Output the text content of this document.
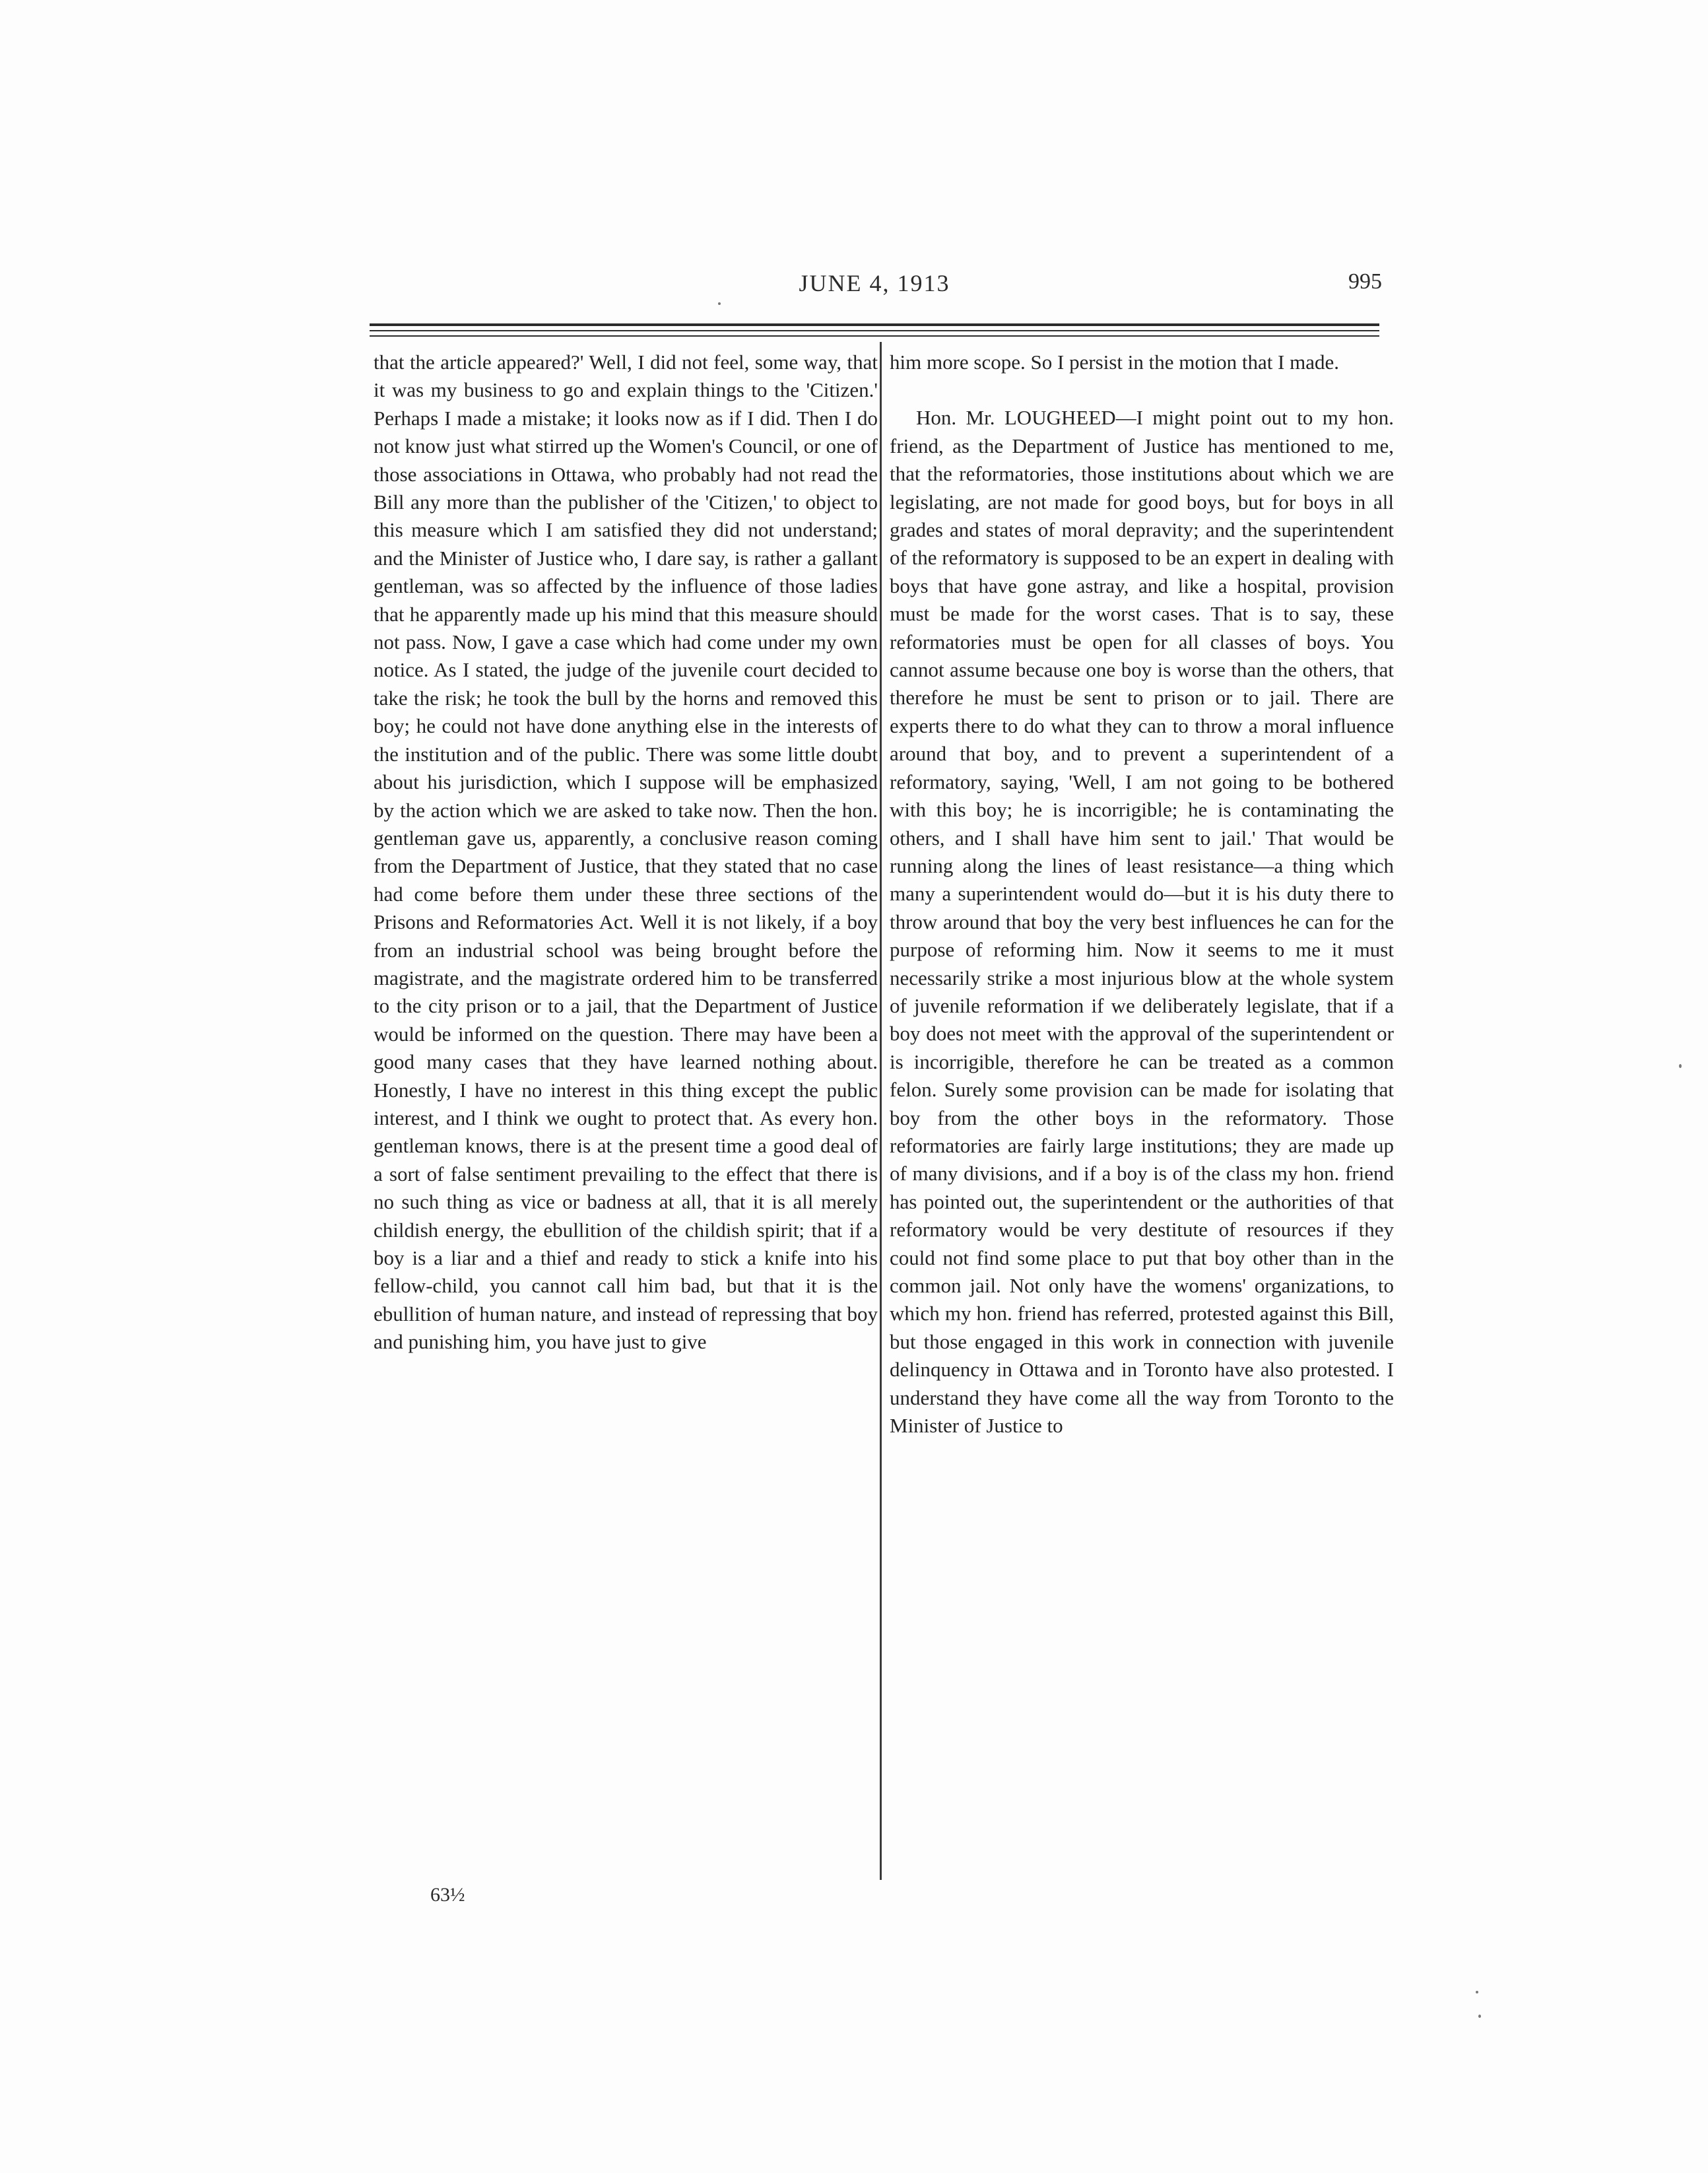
JUNE 4, 1913	995

that the article appeared?' Well, I did not feel, some way, that it was my business to go and explain things to the 'Citizen.' Perhaps I made a mistake; it looks now as if I did. Then I do not know just what stirred up the Women's Council, or one of those associations in Ottawa, who probably had not read the Bill any more than the publisher of the 'Citizen,' to object to this measure which I am satisfied they did not understand; and the Minister of Justice who, I dare say, is rather a gallant gentleman, was so affected by the influence of those ladies that he apparently made up his mind that this measure should not pass. Now, I gave a case which had come under my own notice. As I stated, the judge of the juvenile court decided to take the risk; he took the bull by the horns and removed this boy; he could not have done anything else in the interests of the institution and of the public. There was some little doubt about his jurisdiction, which I suppose will be emphasized by the action which we are asked to take now. Then the hon. gentleman gave us, apparently, a conclusive reason coming from the Department of Justice, that they stated that no case had come before them under these three sections of the Prisons and Reformatories Act. Well it is not likely, if a boy from an industrial school was being brought before the magistrate, and the magistrate ordered him to be transferred to the city prison or to a jail, that the Department of Justice would be informed on the question. There may have been a good many cases that they have learned nothing about. Honestly, I have no interest in this thing except the public interest, and I think we ought to protect that. As every hon. gentleman knows, there is at the present time a good deal of a sort of false sentiment prevailing to the effect that there is no such thing as vice or badness at all, that it is all merely childish energy, the ebullition of the childish spirit; that if a boy is a liar and a thief and ready to stick a knife into his fellow-child, you cannot call him bad, but that it is the ebullition of human nature, and instead of repressing that boy and punishing him, you have just to give

him more scope. So I persist in the motion that I made.

Hon. Mr. LOUGHEED—I might point out to my hon. friend, as the Department of Justice has mentioned to me, that the reformatories, those institutions about which we are legislating, are not made for good boys, but for boys in all grades and states of moral depravity; and the superintendent of the reformatory is supposed to be an expert in dealing with boys that have gone astray, and like a hospital, provision must be made for the worst cases. That is to say, these reformatories must be open for all classes of boys. You cannot assume because one boy is worse than the others, that therefore he must be sent to prison or to jail. There are experts there to do what they can to throw a moral influence around that boy, and to prevent a superintendent of a reformatory, saying, 'Well, I am not going to be bothered with this boy; he is incorrigible; he is contaminating the others, and I shall have him sent to jail.' That would be running along the lines of least resistance—a thing which many a superintendent would do—but it is his duty there to throw around that boy the very best influences he can for the purpose of reforming him. Now it seems to me it must necessarily strike a most injurious blow at the whole system of juvenile reformation if we deliberately legislate, that if a boy does not meet with the approval of the superintendent or is incorrigible, therefore he can be treated as a common felon. Surely some provision can be made for isolating that boy from the other boys in the reformatory. Those reformatories are fairly large institutions; they are made up of many divisions, and if a boy is of the class my hon. friend has pointed out, the superintendent or the authorities of that reformatory would be very destitute of resources if they could not find some place to put that boy other than in the common jail. Not only have the womens' organizations, to which my hon. friend has referred, protested against this Bill, but those engaged in this work in connection with juvenile delinquency in Ottawa and in Toronto have also protested. I understand they have come all the way from Toronto to the Minister of Justice to

63½
